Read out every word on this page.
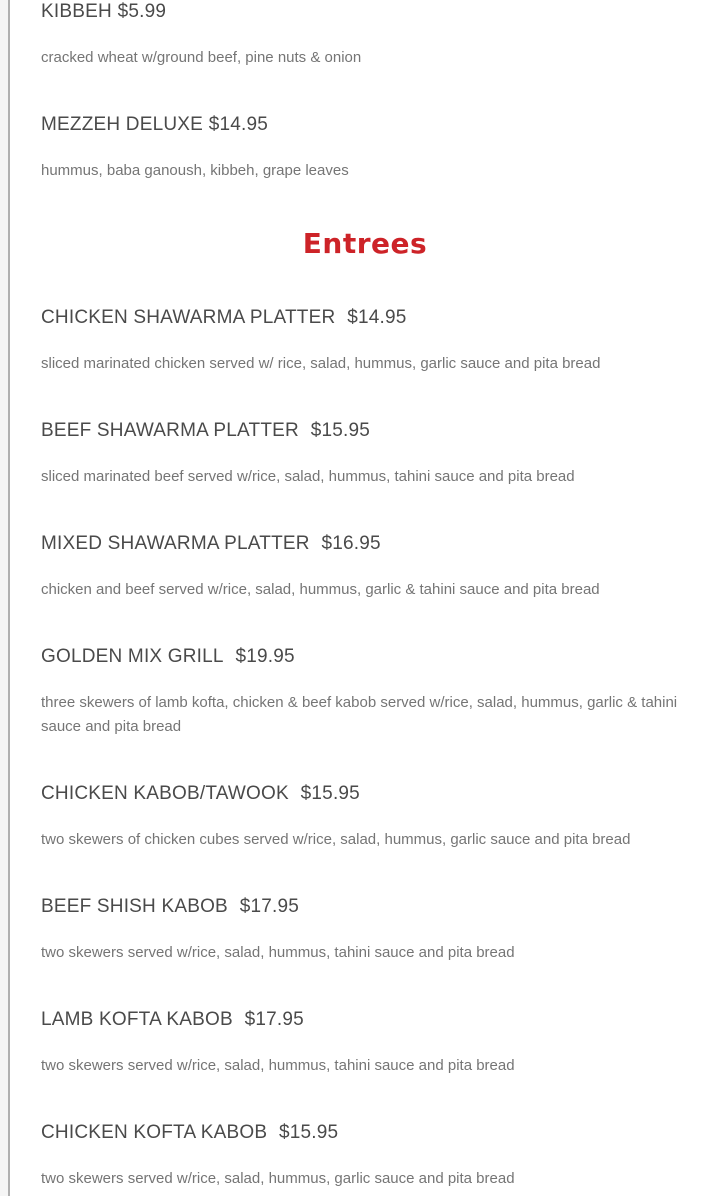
KIBBEH $5.99

cracked wheat w/ground beef, pine nuts & onion

MEZZEH DELUXE $14.95

hummus, baba ganoush, kibbeh, grape leaves

Entrees
CHICKEN SHAWARMA PLATTER $14.95

sliced marinated chicken served w/ rice, salad, hummus, garlic sauce and pita bread

BEEF SHAWARMA PLATTER $15.95

sliced marinated beef served w/rice, salad, hummus, tahini sauce and pita bread

MIXED SHAWARMA PLATTER $16.95

chicken and beef served w/rice, salad, hummus, garlic & tahini sauce and pita bread

GOLDEN MIX GRILL $19.95

three skewers of lamb kofta, chicken & beef kabob served w/rice, salad, hummus, garlic & tahini sauce and pita bread

CHICKEN KABOB/TAWOOK $15.95

two skewers of chicken cubes served w/rice, salad, hummus, garlic sauce and pita bread

BEEF SHISH KABOB $17.95

two skewers served w/rice, salad, hummus, tahini sauce and pita bread

LAMB KOFTA KABOB $17.95

two skewers served w/rice, salad, hummus, tahini sauce and pita bread

CHICKEN KOFTA KABOB $15.95

two skewers served w/rice, salad, hummus, garlic sauce and pita bread
